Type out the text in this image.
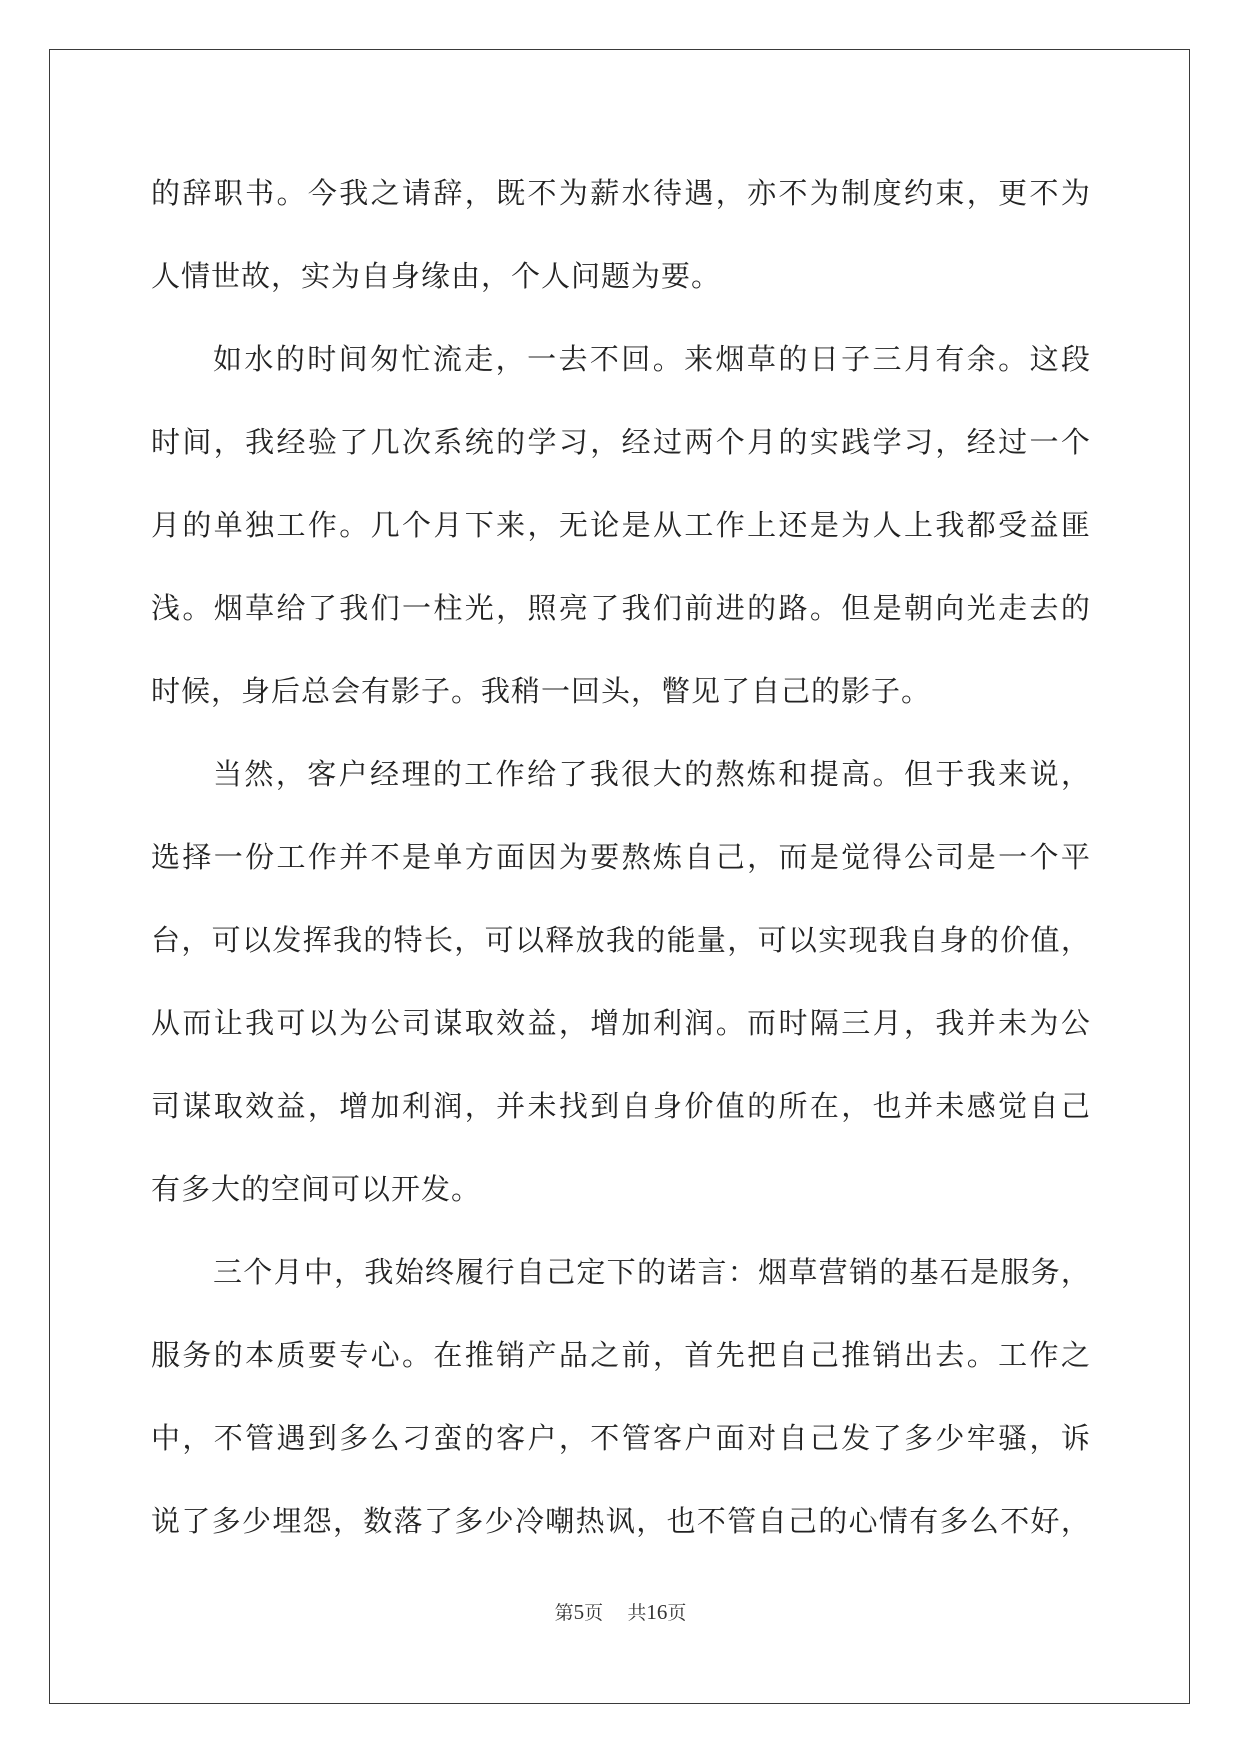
的 辞 职 书 。 今 我 之 请 辞 ， 既 不 为 薪 水 待 遇 ， 亦 不 为 制 度 约 束 ， 更 不 为
人情世故，实为自身缘由，个人问题为要。
如 水 的 时 间 匆 忙 流 走 ， 一 去 不 回 。 来 烟 草 的 日 子 三 月 有 余 。 这 段
时 间 ， 我 经 验 了 几 次 系 统 的 学 习 ， 经 过 两 个 月 的 实 践 学 习 ， 经 过 一 个
月 的 单 独 工 作 。 几 个 月 下 来 ， 无 论 是 从 工 作 上 还 是 为 人 上 我 都 受 益 匪
浅 。 烟 草 给 了 我 们 一 柱 光 ， 照 亮 了 我 们 前 进 的 路 。 但 是 朝 向 光 走 去 的
时候，身后总会有影子。我稍一回头，瞥见了自己的影子。
当 然 ， 客 户 经 理 的 工 作 给 了 我 很 大 的 熬 炼 和 提 高 。 但 于 我 来 说 ，
选 择 一 份 工 作 并 不 是 单 方 面 因 为 要 熬 炼 自 己 ， 而 是 觉 得 公 司 是 一 个 平
台 ， 可 以 发 挥 我 的 特 长 ， 可 以 释 放 我 的 能 量 ， 可 以 实 现 我 自 身 的 价 值 ，
从 而 让 我 可 以 为 公 司 谋 取 效 益 ， 增 加 利 润 。 而 时 隔 三 月 ， 我 并 未 为 公
司 谋 取 效 益 ， 增 加 利 润 ， 并 未 找 到 自 身 价 值 的 所 在 ， 也 并 未 感 觉 自 己
有多大的空间可以开发。
三 个 月 中 ， 我 始 终 履 行 自 己 定 下 的 诺 言 ： 烟 草 营 销 的 基 石 是 服 务 ，
服 务 的 本 质 要 专 心 。 在 推 销 产 品 之 前 ， 首 先 把 自 己 推 销 出 去 。 工 作 之
中 ， 不 管 遇 到 多 么 刁 蛮 的 客 户 ， 不 管 客 户 面 对 自 己 发 了 多 少 牢 骚 ， 诉
说 了 多 少 埋 怨 ， 数 落 了 多 少 冷 嘲 热 讽 ， 也 不 管 自 己 的 心 情 有 多 么 不 好 ，
第5页 共16页
